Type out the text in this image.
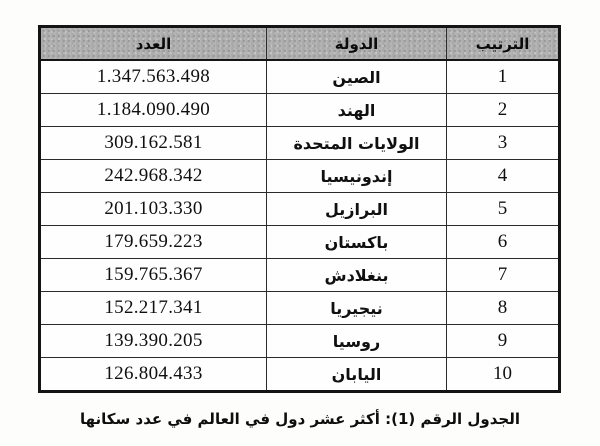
الترتيب	الدولة	العدد
1	الصين	1.347.563.498
2	الهند	1.184.090.490
3	الولايات المتحدة	309.162.581
4	إندونيسيا	242.968.342
5	البرازيل	201.103.330
6	باكستان	179.659.223
7	بنغلادش	159.765.367
8	نيجيريا	152.217.341
9	روسيا	139.390.205
10	اليابان	126.804.433
الجدول الرقم (1): أكثر عشر دول في العالم في عدد سكانها
